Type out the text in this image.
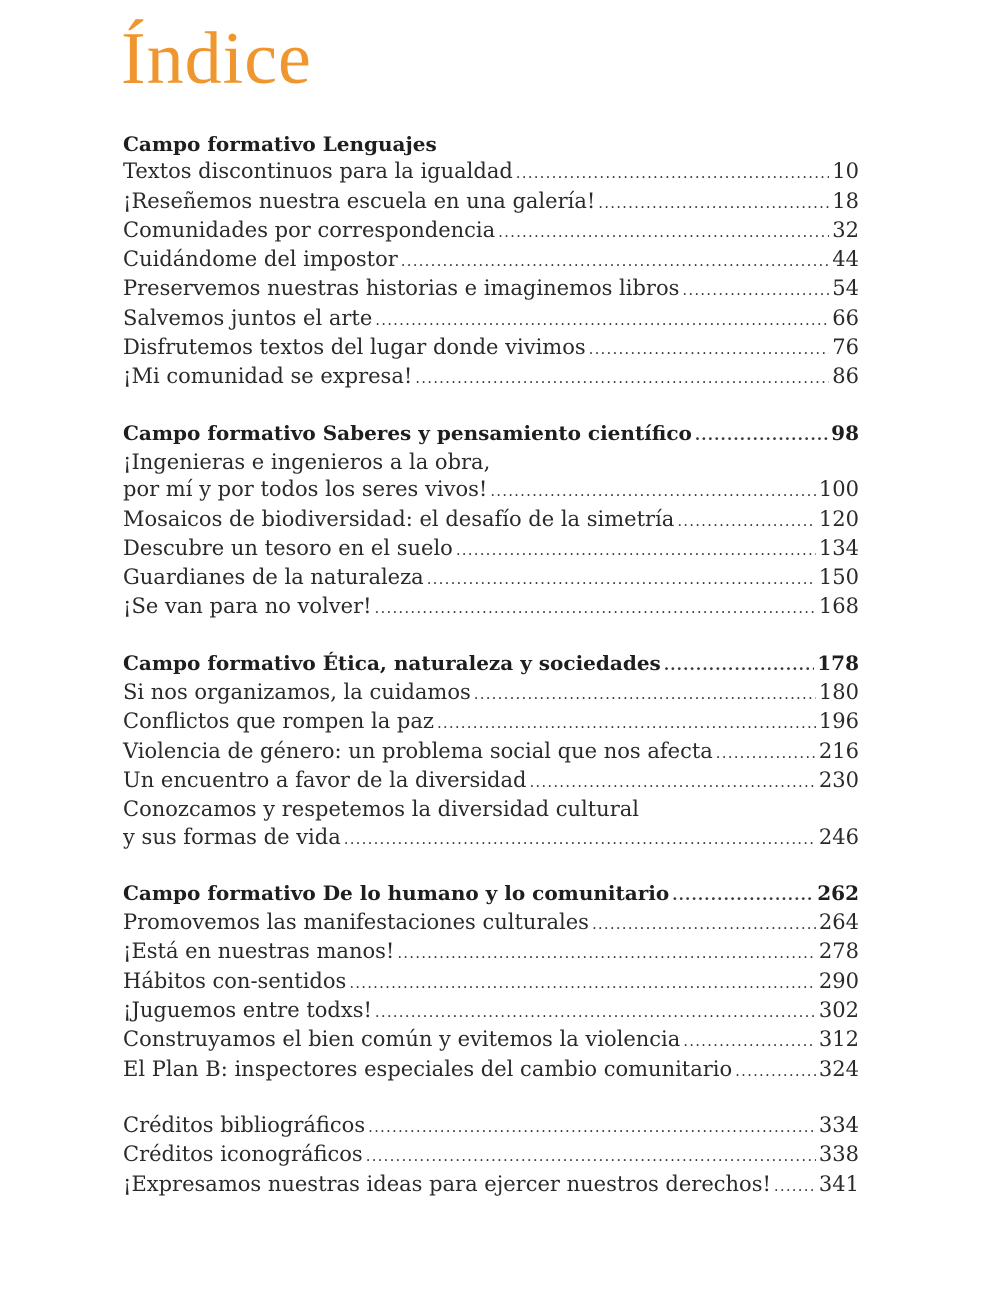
Índice
Campo formativo Lenguajes
Textos discontinuos para la igualdad .....	10
¡Reseñemos nuestra escuela en una galería! .....	18
Comunidades por correspondencia .....	32
Cuidándome del impostor .....	44
Preservemos nuestras historias e imaginemos libros .....	54
Salvemos juntos el arte .....	66
Disfrutemos textos del lugar donde vivimos .....	76
¡Mi comunidad se expresa! .....	86
Campo formativo Saberes y pensamiento científico .....	98
¡Ingenieras e ingenieros a la obra,
por mí y por todos los seres vivos! .....	100
Mosaicos de biodiversidad: el desafío de la simetría .....	120
Descubre un tesoro en el suelo .....	134
Guardianes de la naturaleza .....	150
¡Se van para no volver! .....	168
Campo formativo Ética, naturaleza y sociedades .....	178
Si nos organizamos, la cuidamos .....	180
Conflictos que rompen la paz .....	196
Violencia de género: un problema social que nos afecta .....	216
Un encuentro a favor de la diversidad .....	230
Conozcamos y respetemos la diversidad cultural
y sus formas de vida .....	246
Campo formativo De lo humano y lo comunitario .....	262
Promovemos las manifestaciones culturales .....	264
¡Está en nuestras manos! .....	278
Hábitos con-sentidos .....	290
¡Juguemos entre todxs! .....	302
Construyamos el bien común y evitemos la violencia .....	312
El Plan B: inspectores especiales del cambio comunitario .....	324
Créditos bibliográficos .....	334
Créditos iconográficos .....	338
¡Expresamos nuestras ideas para ejercer nuestros derechos! ..... 341
